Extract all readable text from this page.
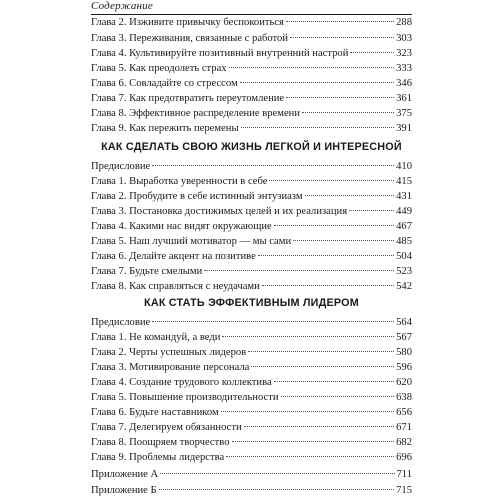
Содержание
Глава 2. Изживите привычку беспокоиться	288
Глава 3. Переживания, связанные с работой	303
Глава 4. Культивируйте позитивный внутренний настрой	323
Глава 5. Как преодолеть страх	333
Глава 6. Совладайте со стрессом	346
Глава 7. Как предотвратить переутомление	361
Глава 8. Эффективное распределение времени	375
Глава 9. Как пережить перемены	391
КАК СДЕЛАТЬ СВОЮ ЖИЗНЬ ЛЕГКОЙ И ИНТЕРЕСНОЙ
Предисловие	410
Глава 1. Выработка уверенности в себе	415
Глава 2. Пробудите в себе истинный энтузиазм	431
Глава 3. Постановка достижимых целей и их реализация	449
Глава 4. Какими нас видят окружающие	467
Глава 5. Наш лучший мотиватор — мы сами	485
Глава 6. Делайте акцент на позитиве	504
Глава 7. Будьте смелыми	523
Глава 8. Как справляться с неудачами	542
КАК СТАТЬ ЭФФЕКТИВНЫМ ЛИДЕРОМ
Предисловие	564
Глава 1. Не командуй, а веди	567
Глава 2. Черты успешных лидеров	580
Глава 3. Мотивирование персонала	596
Глава 4. Создание трудового коллектива	620
Глава 5. Повышение производительности	638
Глава 6. Будьте наставником	656
Глава 7. Делегируем обязанности	671
Глава 8. Поощряем творчество	682
Глава 9. Проблемы лидерства	696
Приложение А	711
Приложение Б	715
